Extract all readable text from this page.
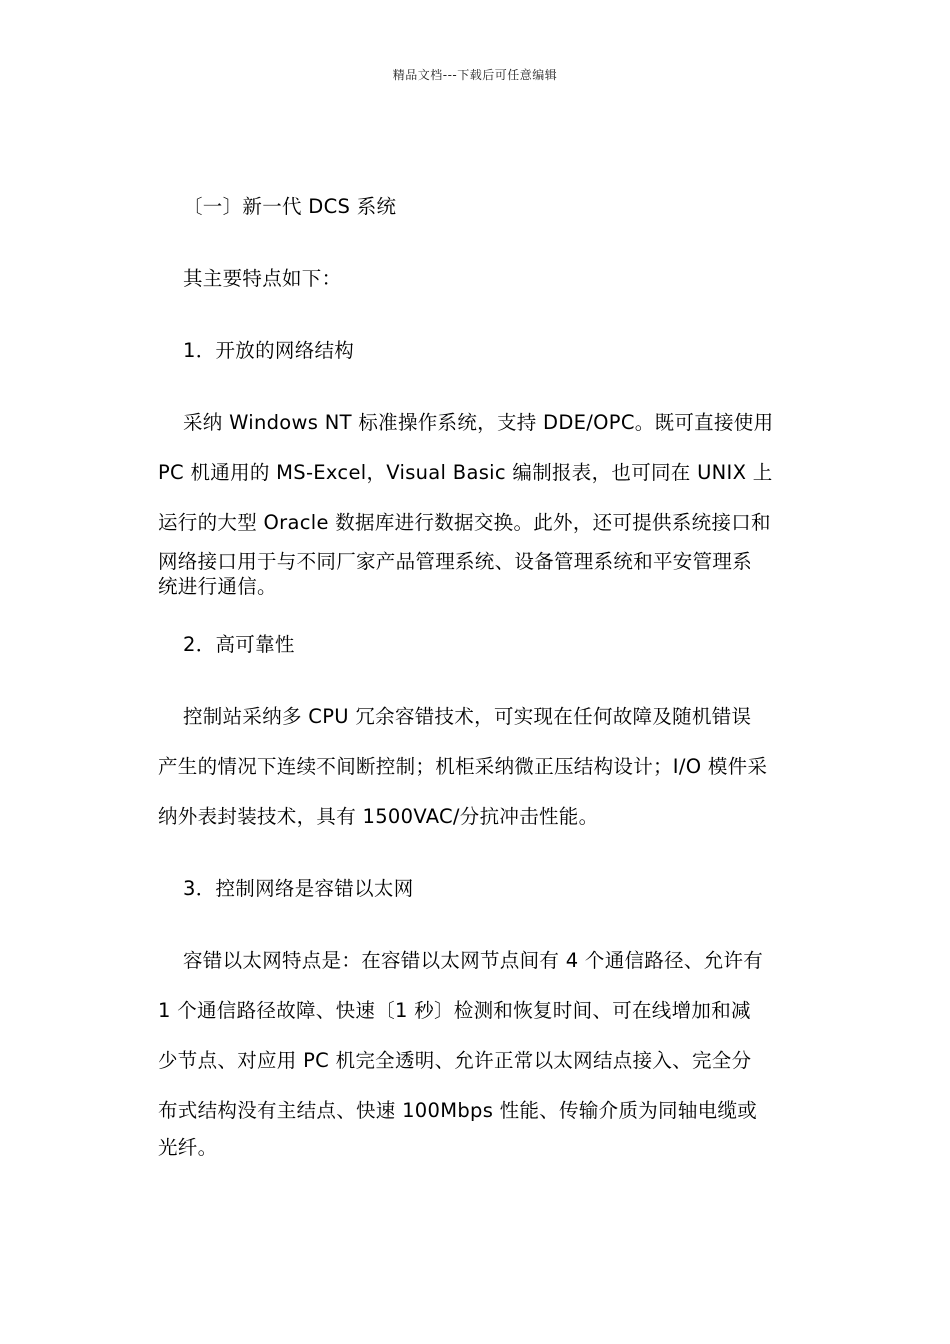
精品文档---下载后可任意编辑
〔一〕新一代 DCS 系统
其主要特点如下：
1．开放的网络结构
采纳 Windows NT 标准操作系统，支持 DDE/OPC。既可直接使用
PC 机通用的 MS-Excel，Visual Basic 编制报表，也可同在 UNIX 上
运行的大型 Oracle 数据库进行数据交换。此外，还可提供系统接口和
网络接口用于与不同厂家产品管理系统、设备管理系统和平安管理系
统进行通信。
2．高可靠性
控制站采纳多 CPU 冗余容错技术，可实现在任何故障及随机错误
产生的情况下连续不间断控制；机柜采纳微正压结构设计；I/O 模件采
纳外表封装技术，具有 1500VAC/分抗冲击性能。
3．控制网络是容错以太网
容错以太网特点是：在容错以太网节点间有 4 个通信路径、允许有
1 个通信路径故障、快速〔1 秒〕检测和恢复时间、可在线增加和减
少节点、对应用 PC 机完全透明、允许正常以太网结点接入、完全分
布式结构没有主结点、快速 100Mbps 性能、传输介质为同轴电缆或
光纤。
